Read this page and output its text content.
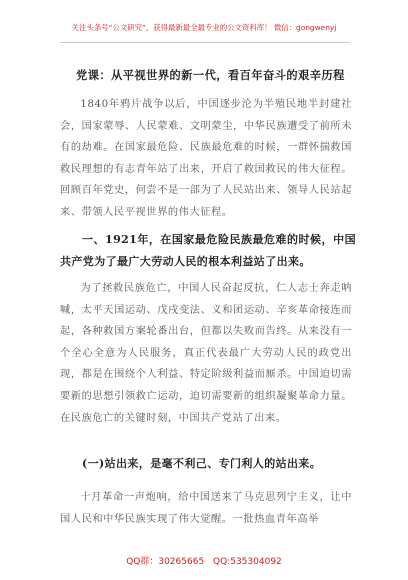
关注头条号“公文研究”，获得最新最全最专业的公文资料库！ 微信：gongwenyj
党课：从平视世界的新一代，看百年奋斗的艰辛历程
1840年鸦片战争以后，中国逐步沦为半殖民地半封建社会，国家蒙辱、人民蒙难、文明蒙尘，中华民族遭受了前所未有的劫难。在国家最危险、民族最危难的时候，一群怀揣救国救民理想的有志青年站了出来，开启了救国救民的伟大征程。回顾百年党史，何尝不是一部为了人民站出来、领导人民站起来、带领人民平视世界的伟大征程。
一、1921年，在国家最危险民族最危难的时候，中国共产党为了最广大劳动人民的根本利益站了出来。
为了拯救民族危亡，中国人民奋起反抗，仁人志士奔走呐喊，太平天国运动、戊戌变法、义和团运动、辛亥革命接连而起，各种救国方案轮番出台，但都以失败而告终。从来没有一个全心全意为人民服务，真正代表最广大劳动人民的政党出现，都是在围绕个人利益、特定阶级利益而厮杀。中国迫切需要新的思想引领救亡运动，迫切需要新的组织凝聚革命力量。在民族危亡的关键时刻，中国共产党站了出来。
(一)站出来，是毫不利己、专门利人的站出来。
十月革命一声炮响，给中国送来了马克思列宁主义，让中国人民和中华民族实现了伟大觉醒。一批热血青年高举
QQ群：30265665 QQ:535304092
